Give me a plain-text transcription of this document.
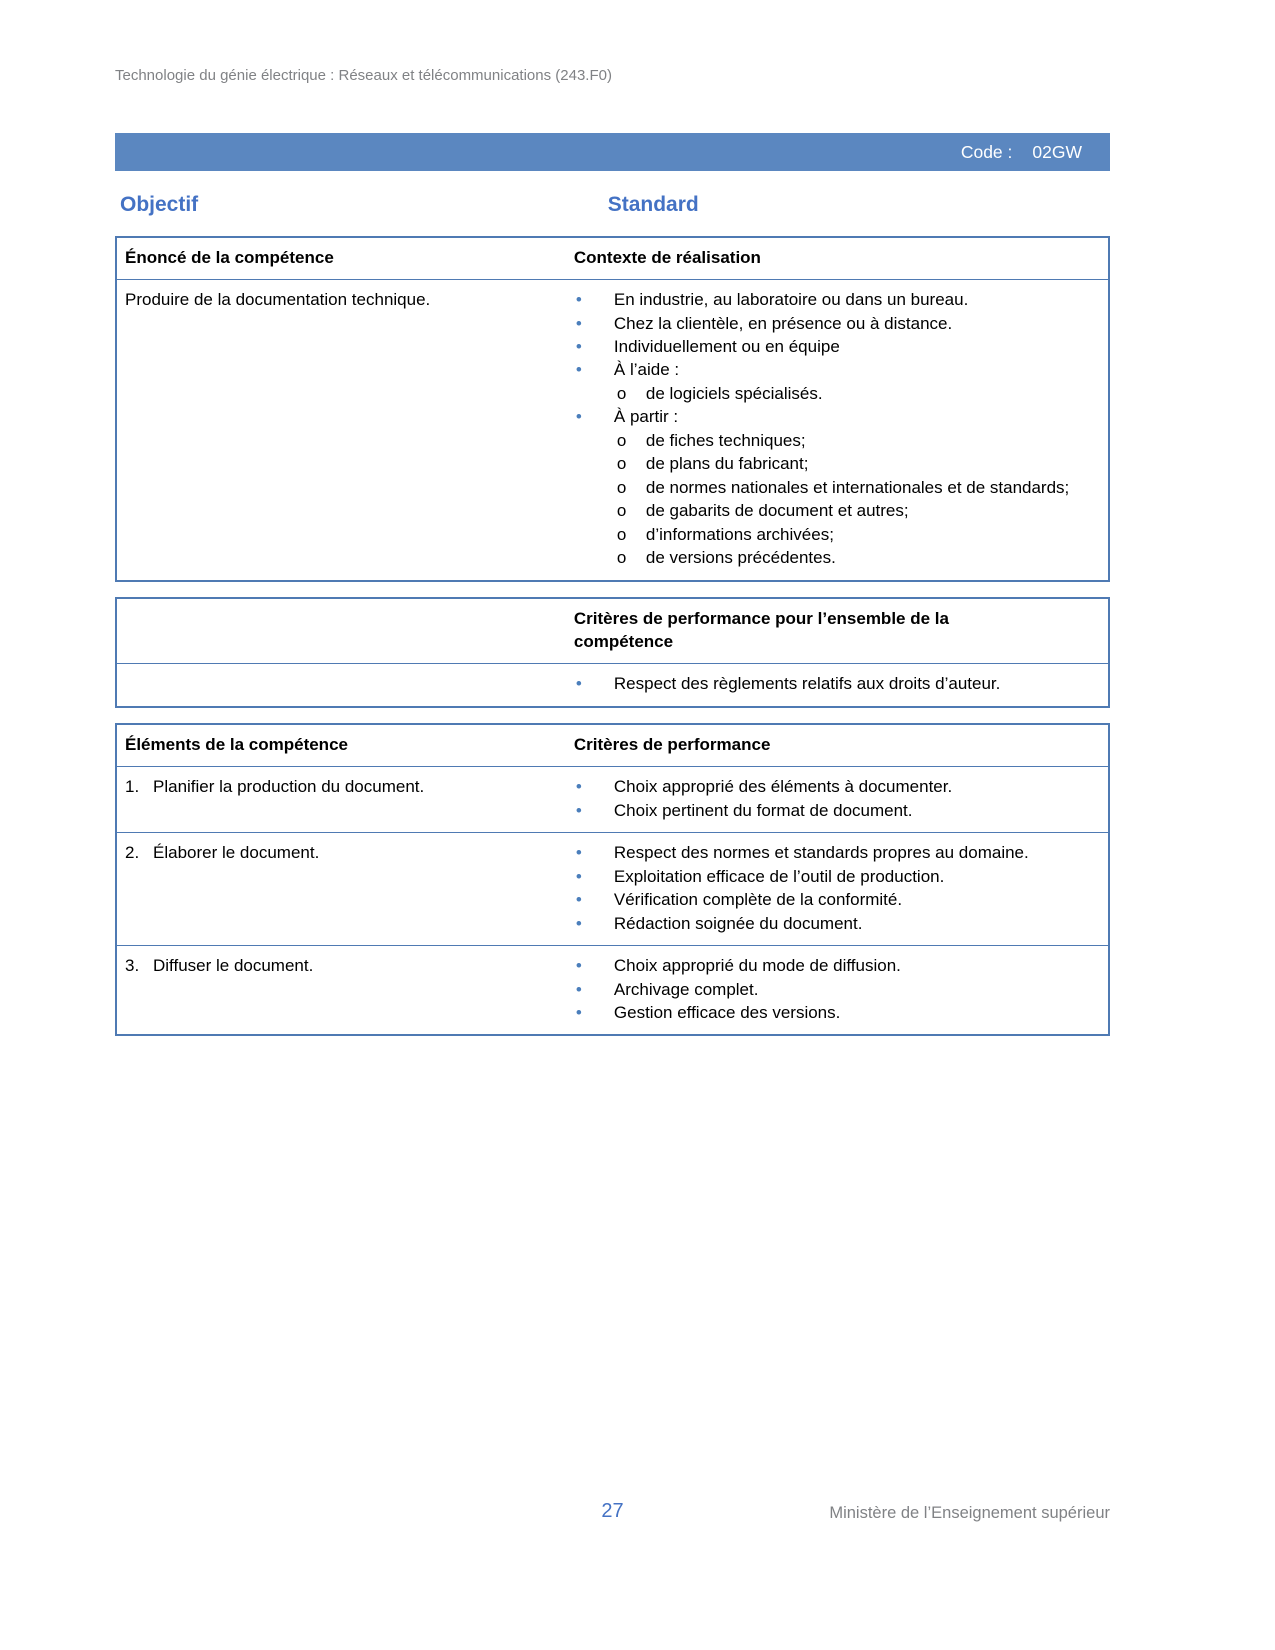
Technologie du génie électrique : Réseaux et télécommunications (243.F0)
Code : 02GW
Objectif	Standard
Énoncé de la compétence	Contexte de réalisation
Produire de la documentation technique.	•	En industrie, au laboratoire ou dans un bureau.
•	Chez la clientèle, en présence ou à distance.
•	Individuellement ou en équipe
•	À l’aide :
o	de logiciels spécialisés.
•	À partir :
o	de fiches techniques;
o	de plans du fabricant;
o	de normes nationales et internationales et de standards;
o	de gabarits de document et autres;
o	d’informations archivées;
o	de versions précédentes.
Critères de performance pour l’ensemble de la compétence
•	Respect des règlements relatifs aux droits d’auteur.
Éléments de la compétence	Critères de performance
1. Planifier la production du document.	•	Choix approprié des éléments à documenter.
•	Choix pertinent du format de document.
2. Élaborer le document.	•	Respect des normes et standards propres au domaine.
•	Exploitation efficace de l’outil de production.
•	Vérification complète de la conformité.
•	Rédaction soignée du document.
3. Diffuser le document.	•	Choix approprié du mode de diffusion.
•	Archivage complet.
•	Gestion efficace des versions.
27	Ministère de l’Enseignement supérieur
